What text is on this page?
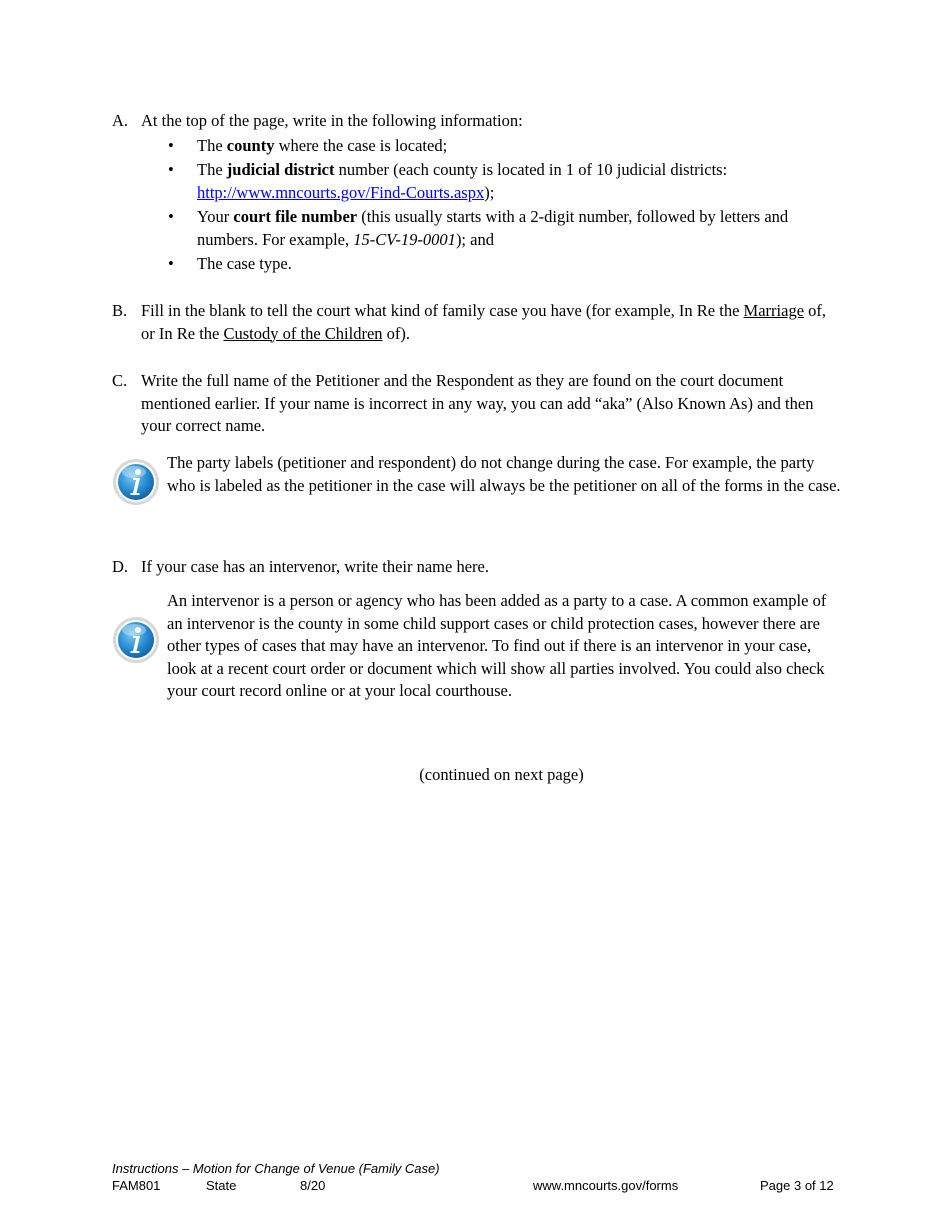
A. At the top of the page, write in the following information:
• The county where the case is located;
• The judicial district number (each county is located in 1 of 10 judicial districts: http://www.mncourts.gov/Find-Courts.aspx);
• Your court file number (this usually starts with a 2-digit number, followed by letters and numbers. For example, 15-CV-19-0001); and
• The case type.
B. Fill in the blank to tell the court what kind of family case you have (for example, In Re the Marriage of, or In Re the Custody of the Children of).
C. Write the full name of the Petitioner and the Respondent as they are found on the court document mentioned earlier. If your name is incorrect in any way, you can add “aka” (Also Known As) and then your correct name.
The party labels (petitioner and respondent) do not change during the case. For example, the party who is labeled as the petitioner in the case will always be the petitioner on all of the forms in the case.
D. If your case has an intervenor, write their name here.
An intervenor is a person or agency who has been added as a party to a case. A common example of an intervenor is the county in some child support cases or child protection cases, however there are other types of cases that may have an intervenor. To find out if there is an intervenor in your case, look at a recent court order or document which will show all parties involved. You could also check your court record online or at your local courthouse.
(continued on next page)
Instructions – Motion for Change of Venue (Family Case)
FAM801	State	8/20	www.mncourts.gov/forms	Page 3 of 12
